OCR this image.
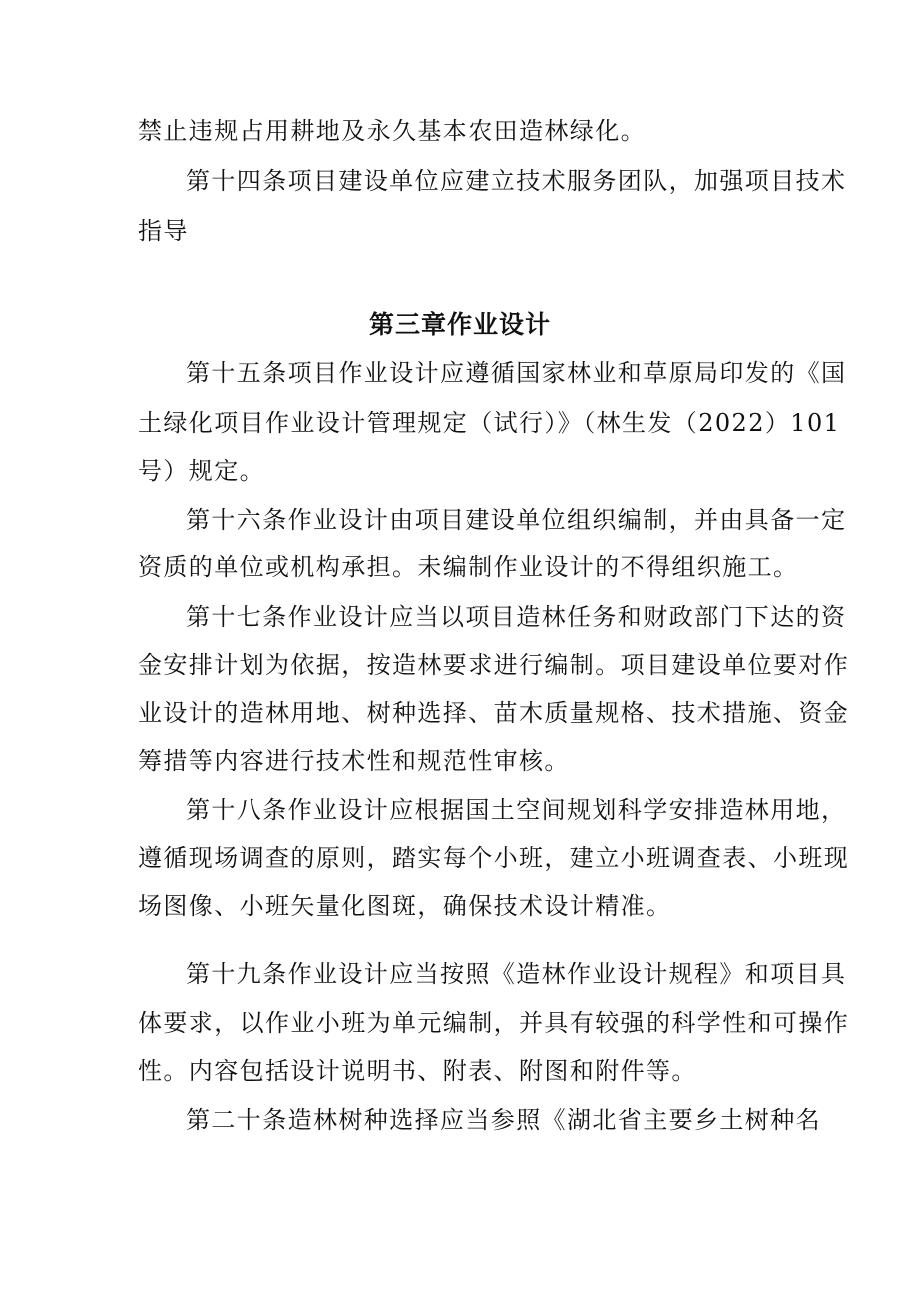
禁止违规占用耕地及永久基本农田造林绿化。
第十四条项目建设单位应建立技术服务团队，加强项目技术
指导
第三章作业设计
第十五条项目作业设计应遵循国家林业和草原局印发的《国
土绿化项目作业设计管理规定（试行）》（林生发（2022）101
号）规定。
第十六条作业设计由项目建设单位组织编制，并由具备一定
资质的单位或机构承担。未编制作业设计的不得组织施工。
第十七条作业设计应当以项目造林任务和财政部门下达的资
金安排计划为依据，按造林要求进行编制。项目建设单位要对作
业设计的造林用地、树种选择、苗木质量规格、技术措施、资金
筹措等内容进行技术性和规范性审核。
第十八条作业设计应根据国土空间规划科学安排造林用地，
遵循现场调查的原则，踏实每个小班，建立小班调查表、小班现
场图像、小班矢量化图斑，确保技术设计精准。
第十九条作业设计应当按照《造林作业设计规程》和项目具
体要求，以作业小班为单元编制，并具有较强的科学性和可操作
性。内容包括设计说明书、附表、附图和附件等。
第二十条造林树种选择应当参照《湖北省主要乡土树种名
